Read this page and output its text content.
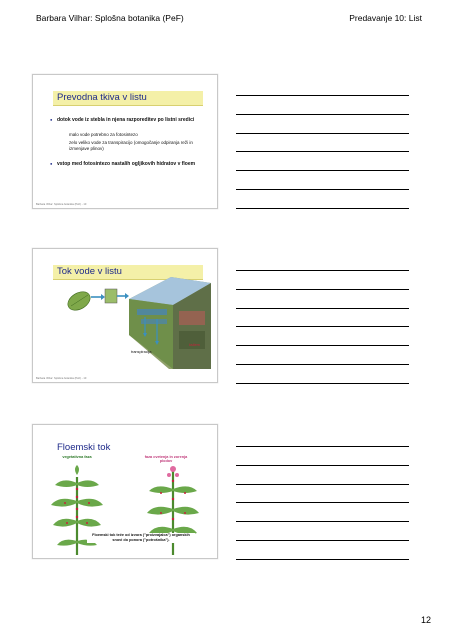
Barbara Vilhar: Splošna botanika (PeF)	Predavanje 10: List
Prevodna tkiva v listu
● dotok vode iz stebla in njena razporeditev po listni sredici
malo vode potrebno za fotosintezo
zelo veliko vode za transpiracijo (omogočanje odpiranja reži in izmenjave plinov)
● vstop med fotosintezo nastalih ogljikovih hidratov v floem
Barbara Vilhar: Splošna botanika (PeF) - 10
Tok vode v listu
ksilem
transpiracija
Barbara Vilhar: Splošna botanika (PeF) - 10
Floemski tok
vegetativna faza	faza cvetenja in zorenja plodov
Floemski tok teče od izvora ("proizvajalca") organskih snovi do ponora ("potrošnika").
12
